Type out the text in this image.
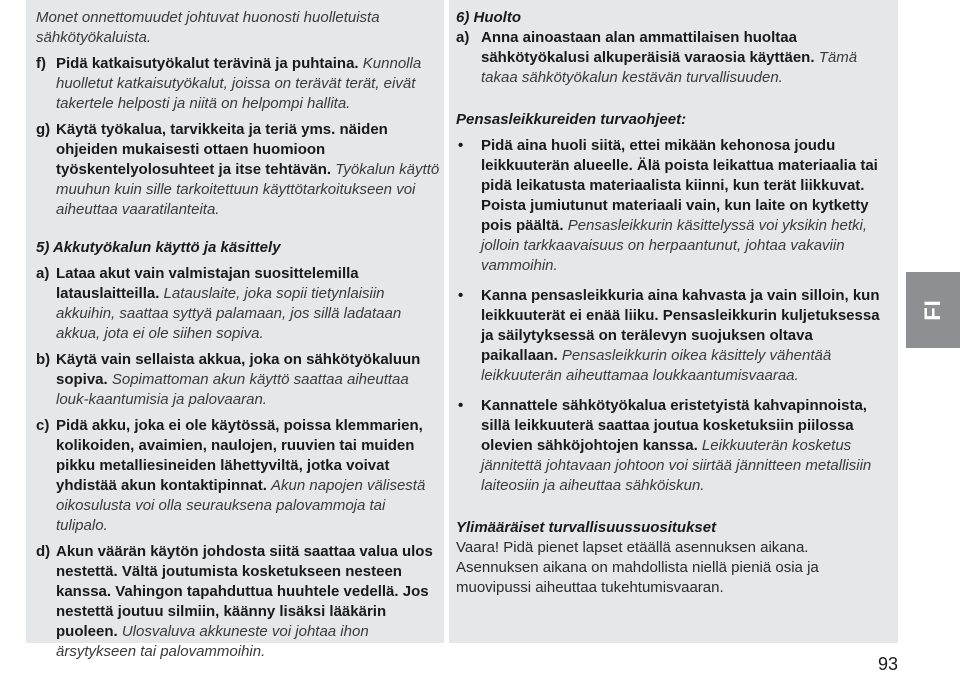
Monet onnettomuudet johtuvat huonosti huolletuista sähkötyökaluista.
f) Pidä katkaisutyökalut terävinä ja puhtaina. Kunnolla huolletut katkaisutyökalut, joissa on terävät terät, eivät takertele helposti ja niitä on helpompi hallita.
g) Käytä työkalua, tarvikkeita ja teriä yms. näiden ohjeiden mukaisesti ottaen huomioon työskentelyolosuhteet ja itse tehtävän. Työkalun käyttö muuhun kuin sille tarkoitettuun käyttötarkoitukseen voi aiheuttaa vaaratilanteita.
5) Akkutyökalun käyttö ja käsittely
a) Lataa akut vain valmistajan suosittelemilla latauslaitteilla. Latauslaite, joka sopii tietynlaisiin akkuihin, saattaa syttyä palamaan, jos sillä ladataan akkua, jota ei ole siihen sopiva.
b) Käytä vain sellaista akkua, joka on sähkötyökaluun sopiva. Sopimattoman akun käyttö saattaa aiheuttaa louk-kaantumisia ja palovaaran.
c) Pidä akku, joka ei ole käytössä, poissa klemmarien, kolikoiden, avaimien, naulojen, ruuvien tai muiden pikku metalliesineiden lähettyviltä, jotka voivat yhdistää akun kontaktipinnat. Akun napojen välisestä oikosulusta voi olla seurauksena palovammoja tai tulipalo.
d) Akun väärän käytön johdosta siitä saattaa valua ulos nestettä. Vältä joutumista kosketukseen nesteen kanssa. Vahingon tapahduttua huuhtele vedellä. Jos nestettä joutuu silmiin, käänny lisäksi lääkärin puoleen. Ulosvaluva akkuneste voi johtaa ihon ärsytykseen tai palovammoihin.
6) Huolto
a) Anna ainoastaan alan ammattilaisen huoltaa sähkötyökalusi alkuperäisiä varaosia käyttäen. Tämä takaa sähkötyökalun kestävän turvallisuuden.
Pensasleikkureiden turvaohjeet:
• Pidä aina huoli siitä, ettei mikään kehonosa joudu leikkuuterän alueelle. Älä poista leikattua materiaalia tai pidä leikatusta materiaalista kiinni, kun terät liikkuvat. Poista jumiutunut materiaali vain, kun laite on kytketty pois päältä. Pensasleikkurin käsittelyssä voi yksikin hetki, jolloin tarkkaavaisuus on herpaantunut, johtaa vakaviin vammoihin.
• Kanna pensasleikkuria aina kahvasta ja vain silloin, kun leikkuuterät ei enää liiku. Pensasleikkurin kuljetuksessa ja säilytyksessä on terälevyn suojuksen oltava paikallaan. Pensasleikkurin oikea käsittely vähentää leikkuuterän aiheuttamaa loukkaantumisvaaraa.
• Kannattele sähkötyökalua eristetyistä kahvapinnoista, sillä leikkuuterä saattaa joutua kosketuksiin piilossa olevien sähköjohtojen kanssa. Leikkuuterän kosketus jännitettä johtavaan johtoon voi siirtää jännitteen metallisiin laiteosiin ja aiheuttaa sähköiskun.
Ylimääräiset turvallisuussuositukset
Vaara! Pidä pienet lapset etäällä asennuksen aikana. Asennuksen aikana on mahdollista niellä pieniä osia ja muovipussi aiheuttaa tukehtumisvaaran.
FI
93
